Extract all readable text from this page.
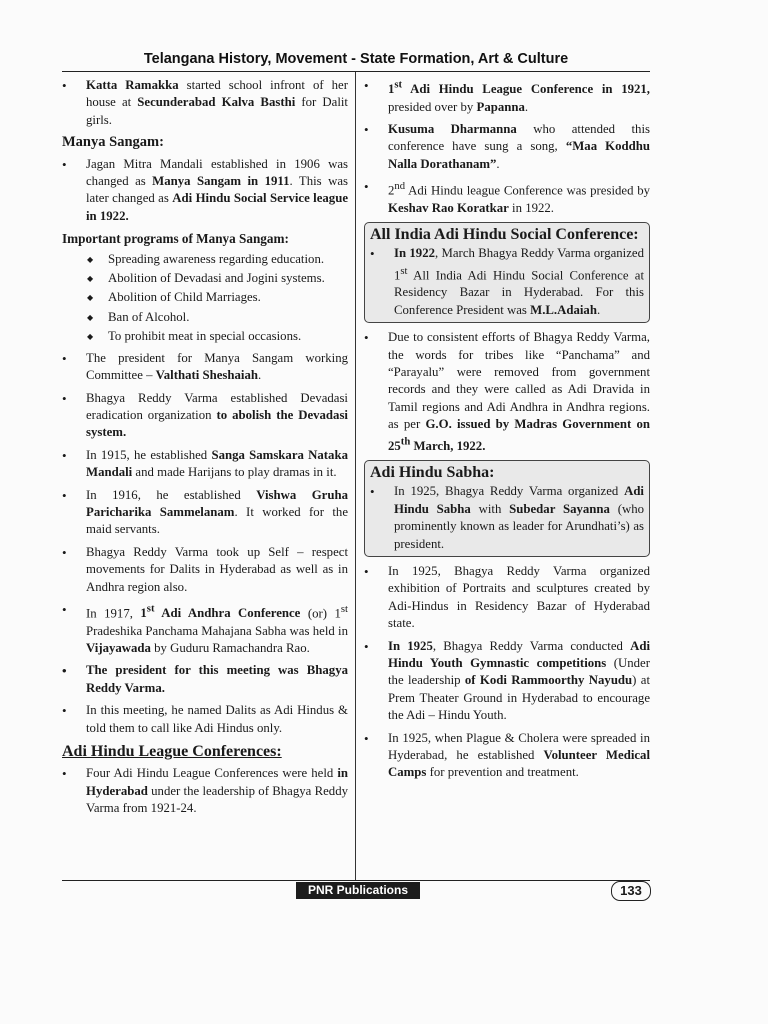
Telangana History, Movement - State Formation, Art & Culture
• Katta Ramakka started school infront of her house at Secunderabad Kalva Basthi for Dalit girls.
Manya Sangam:
• Jagan Mitra Mandali established in 1906 was changed as Manya Sangam in 1911. This was later changed as Adi Hindu Social Service league in 1922.
Important programs of Manya Sangam:
◆ Spreading awareness regarding education.
◆ Abolition of Devadasi and Jogini systems.
◆ Abolition of Child Marriages.
◆ Ban of Alcohol.
◆ To prohibit meat in special occasions.
• The president for Manya Sangam working Committee – Valthati Sheshaiah.
• Bhagya Reddy Varma established Devadasi eradication organization to abolish the Devadasi system.
• In 1915, he established Sanga Samskara Nataka Mandali and made Harijans to play dramas in it.
• In 1916, he established Vishwa Gruha Paricharika Sammelanam. It worked for the maid servants.
• Bhagya Reddy Varma took up Self – respect movements for Dalits in Hyderabad as well as in Andhra region also.
• In 1917, 1st Adi Andhra Conference (or) 1st Pradeshika Panchama Mahajana Sabha was held in Vijayawada by Guduru Ramachandra Rao.
• The president for this meeting was Bhagya Reddy Varma.
• In this meeting, he named Dalits as Adi Hindus & told them to call like Adi Hindus only.
Adi Hindu League Conferences:
• Four Adi Hindu League Conferences were held in Hyderabad under the leadership of Bhagya Reddy Varma from 1921-24.
• 1st Adi Hindu League Conference in 1921, presided over by Papanna.
• Kusuma Dharmanna who attended this conference have sung a song, “Maa Koddhu Nalla Dorathanam”.
• 2nd Adi Hindu league Conference was presided by Keshav Rao Koratkar in 1922.
All India Adi Hindu Social Conference:
• In 1922, March Bhagya Reddy Varma organized 1st All India Adi Hindu Social Conference at Residency Bazar in Hyderabad. For this Conference President was M.L.Adaiah.
• Due to consistent efforts of Bhagya Reddy Varma, the words for tribes like “Panchama” and “Parayalu” were removed from government records and they were called as Adi Dravida in Tamil regions and Adi Andhra in Andhra regions. as per G.O. issued by Madras Government on 25th March, 1922.
Adi Hindu Sabha:
• In 1925, Bhagya Reddy Varma organized Adi Hindu Sabha with Subedar Sayanna (who prominently known as leader for Arundhati’s) as president.
• In 1925, Bhagya Reddy Varma organized exhibition of Portraits and sculptures created by Adi-Hindus in Residency Bazar of Hyderabad state.
• In 1925, Bhagya Reddy Varma conducted Adi Hindu Youth Gymnastic competitions (Under the leadership of Kodi Rammoorthy Nayudu) at Prem Theater Ground in Hyderabad to encourage the Adi – Hindu Youth.
• In 1925, when Plague & Cholera were spreaded in Hyderabad, he established Volunteer Medical Camps for prevention and treatment.
PNR Publications	133
